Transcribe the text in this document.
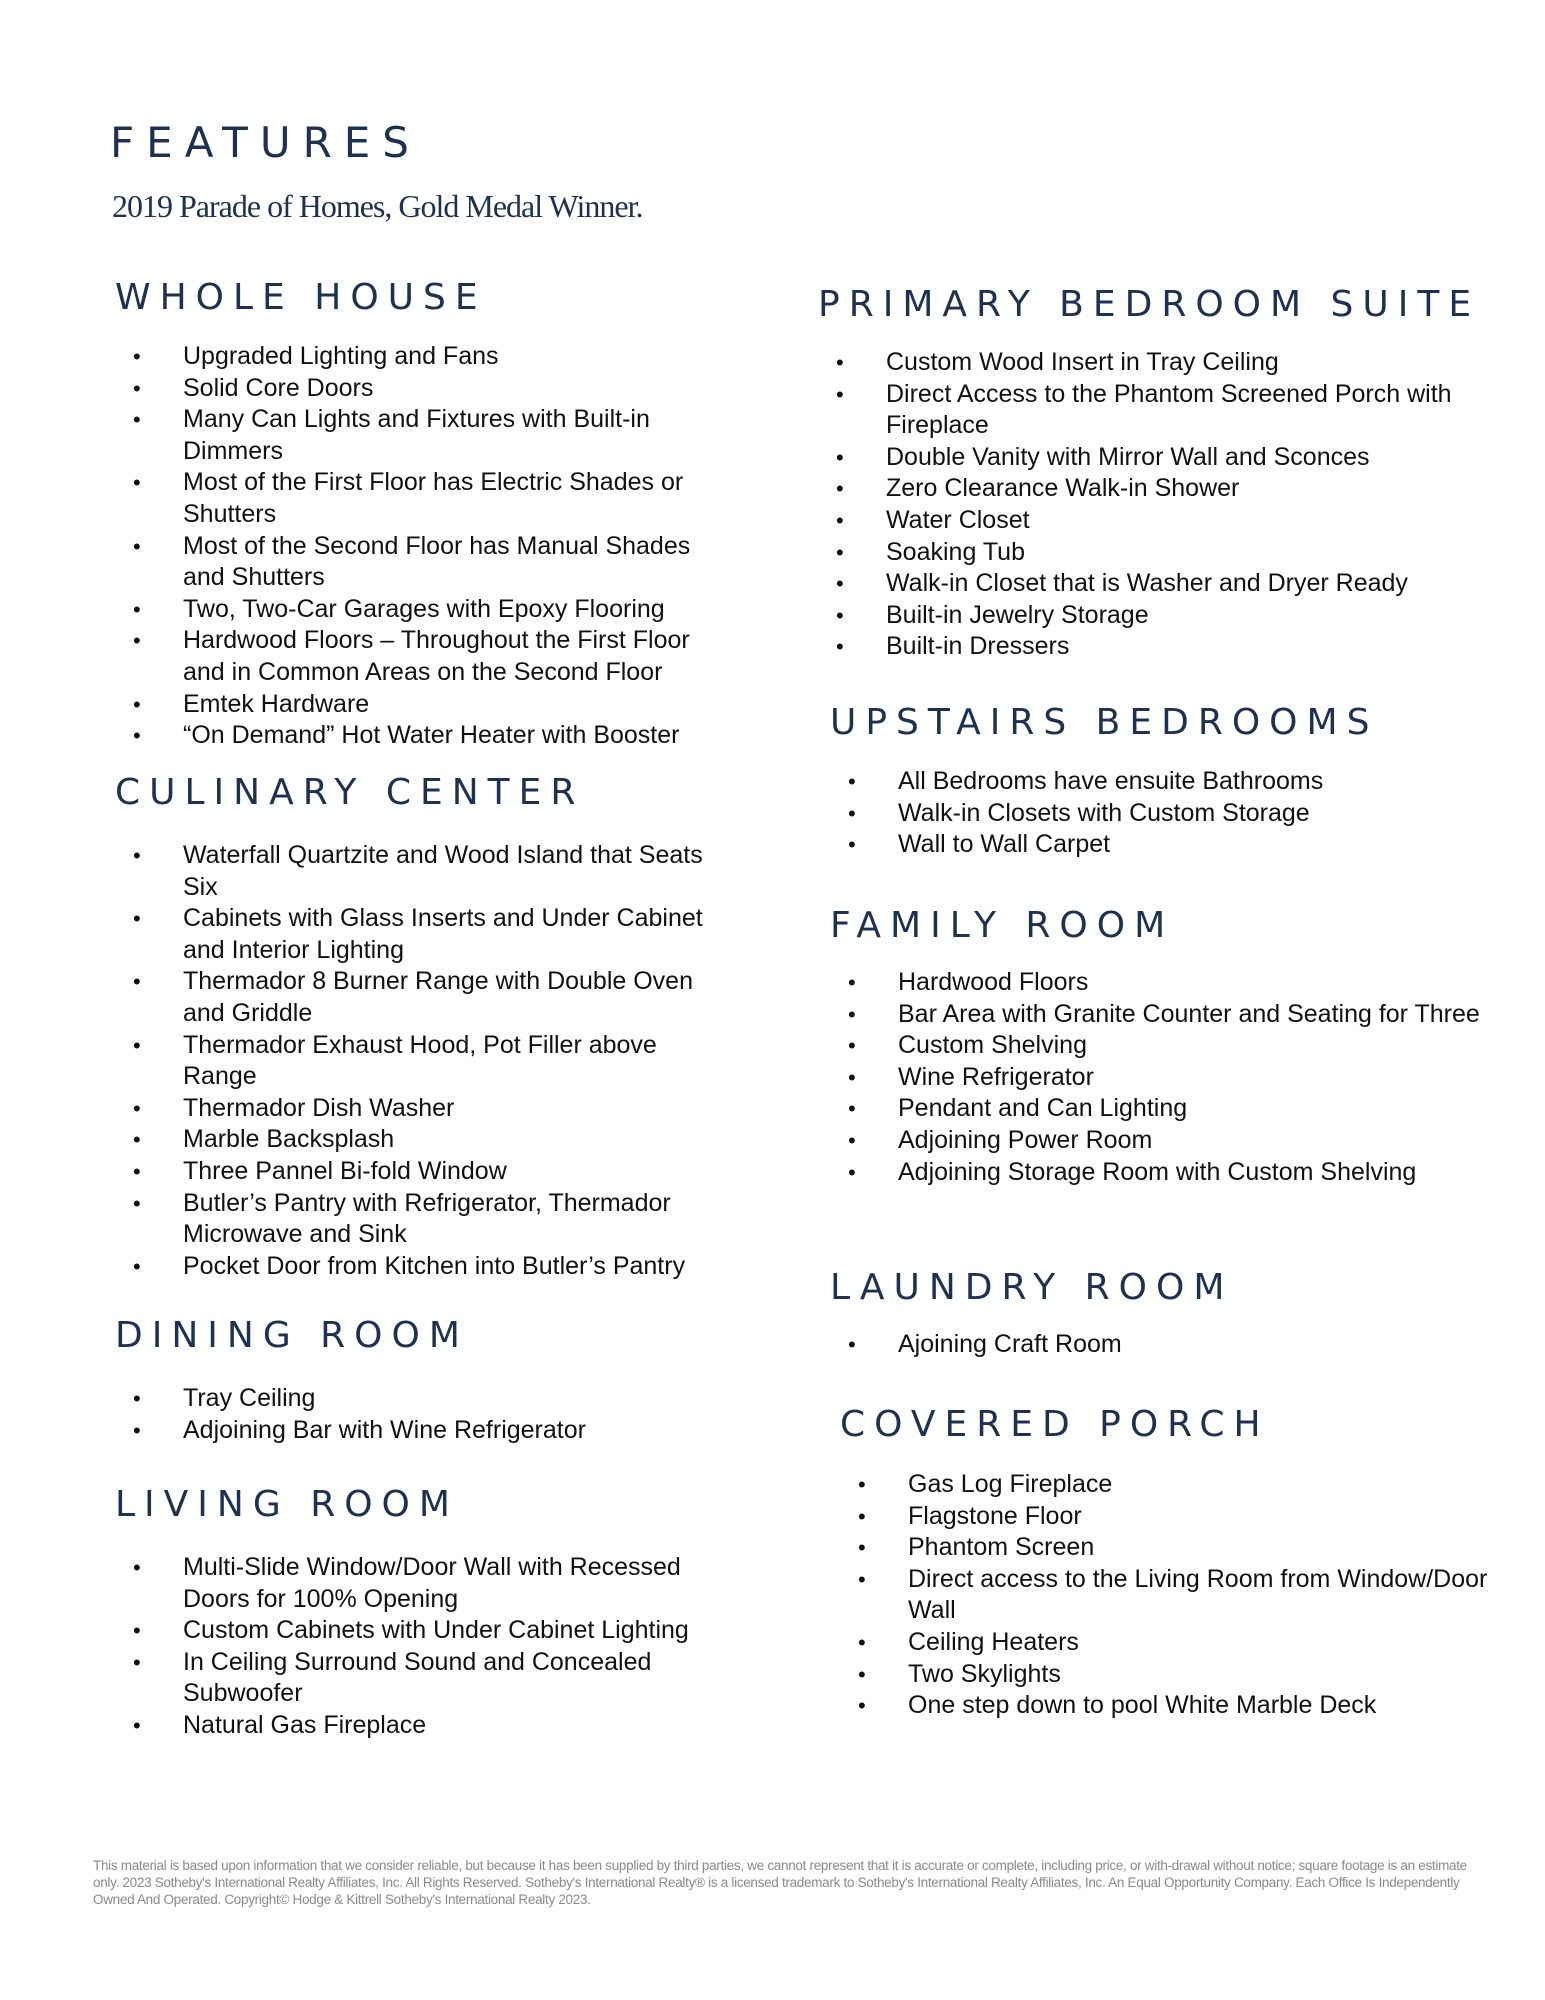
FEATURES

2019 Parade of Homes, Gold Medal Winner.

WHOLE HOUSE
• Upgraded Lighting and Fans
• Solid Core Doors
• Many Can Lights and Fixtures with Built-in Dimmers
• Most of the First Floor has Electric Shades or Shutters
• Most of the Second Floor has Manual Shades and Shutters
• Two, Two-Car Garages with Epoxy Flooring
• Hardwood Floors – Throughout the First Floor and in Common Areas on the Second Floor
• Emtek Hardware
• “On Demand” Hot Water Heater with Booster
CULINARY CENTER
• Waterfall Quartzite and Wood Island that Seats Six
• Cabinets with Glass Inserts and Under Cabinet and Interior Lighting
• Thermador 8 Burner Range with Double Oven and Griddle
• Thermador Exhaust Hood, Pot Filler above Range
• Thermador Dish Washer
• Marble Backsplash
• Three Pannel Bi-fold Window
• Butler’s Pantry with Refrigerator, Thermador Microwave and Sink
• Pocket Door from Kitchen into Butler’s Pantry
DINING ROOM
• Tray Ceiling
• Adjoining Bar with Wine Refrigerator
LIVING ROOM
• Multi-Slide Window/Door Wall with Recessed Doors for 100% Opening
• Custom Cabinets with Under Cabinet Lighting
• In Ceiling Surround Sound and Concealed Subwoofer
• Natural Gas Fireplace
PRIMARY BEDROOM SUITE
• Custom Wood Insert in Tray Ceiling
• Direct Access to the Phantom Screened Porch with Fireplace
• Double Vanity with Mirror Wall and Sconces
• Zero Clearance Walk-in Shower
• Water Closet
• Soaking Tub
• Walk-in Closet that is Washer and Dryer Ready
• Built-in Jewelry Storage
• Built-in Dressers
UPSTAIRS BEDROOMS
• All Bedrooms have ensuite Bathrooms
• Walk-in Closets with Custom Storage
• Wall to Wall Carpet
FAMILY ROOM
• Hardwood Floors
• Bar Area with Granite Counter and Seating for Three
• Custom Shelving
• Wine Refrigerator
• Pendant and Can Lighting
• Adjoining Power Room
• Adjoining Storage Room with Custom Shelving
LAUNDRY ROOM
• Ajoining Craft Room
COVERED PORCH
• Gas Log Fireplace
• Flagstone Floor
• Phantom Screen
• Direct access to the Living Room from Window/Door Wall
• Ceiling Heaters
• Two Skylights
• One step down to pool White Marble Deck

This material is based upon information that we consider reliable, but because it has been supplied by third parties, we cannot represent that it is accurate or complete, including price, or with-drawal without notice; square footage is an estimate only. 2023 Sotheby's International Realty Affiliates, Inc. All Rights Reserved. Sotheby's International Realty® is a licensed trademark to Sotheby's International Realty Affiliates, Inc. An Equal Opportunity Company. Each Office Is Independently Owned And Operated. Copyright© Hodge & Kittrell Sotheby's International Realty 2023.
